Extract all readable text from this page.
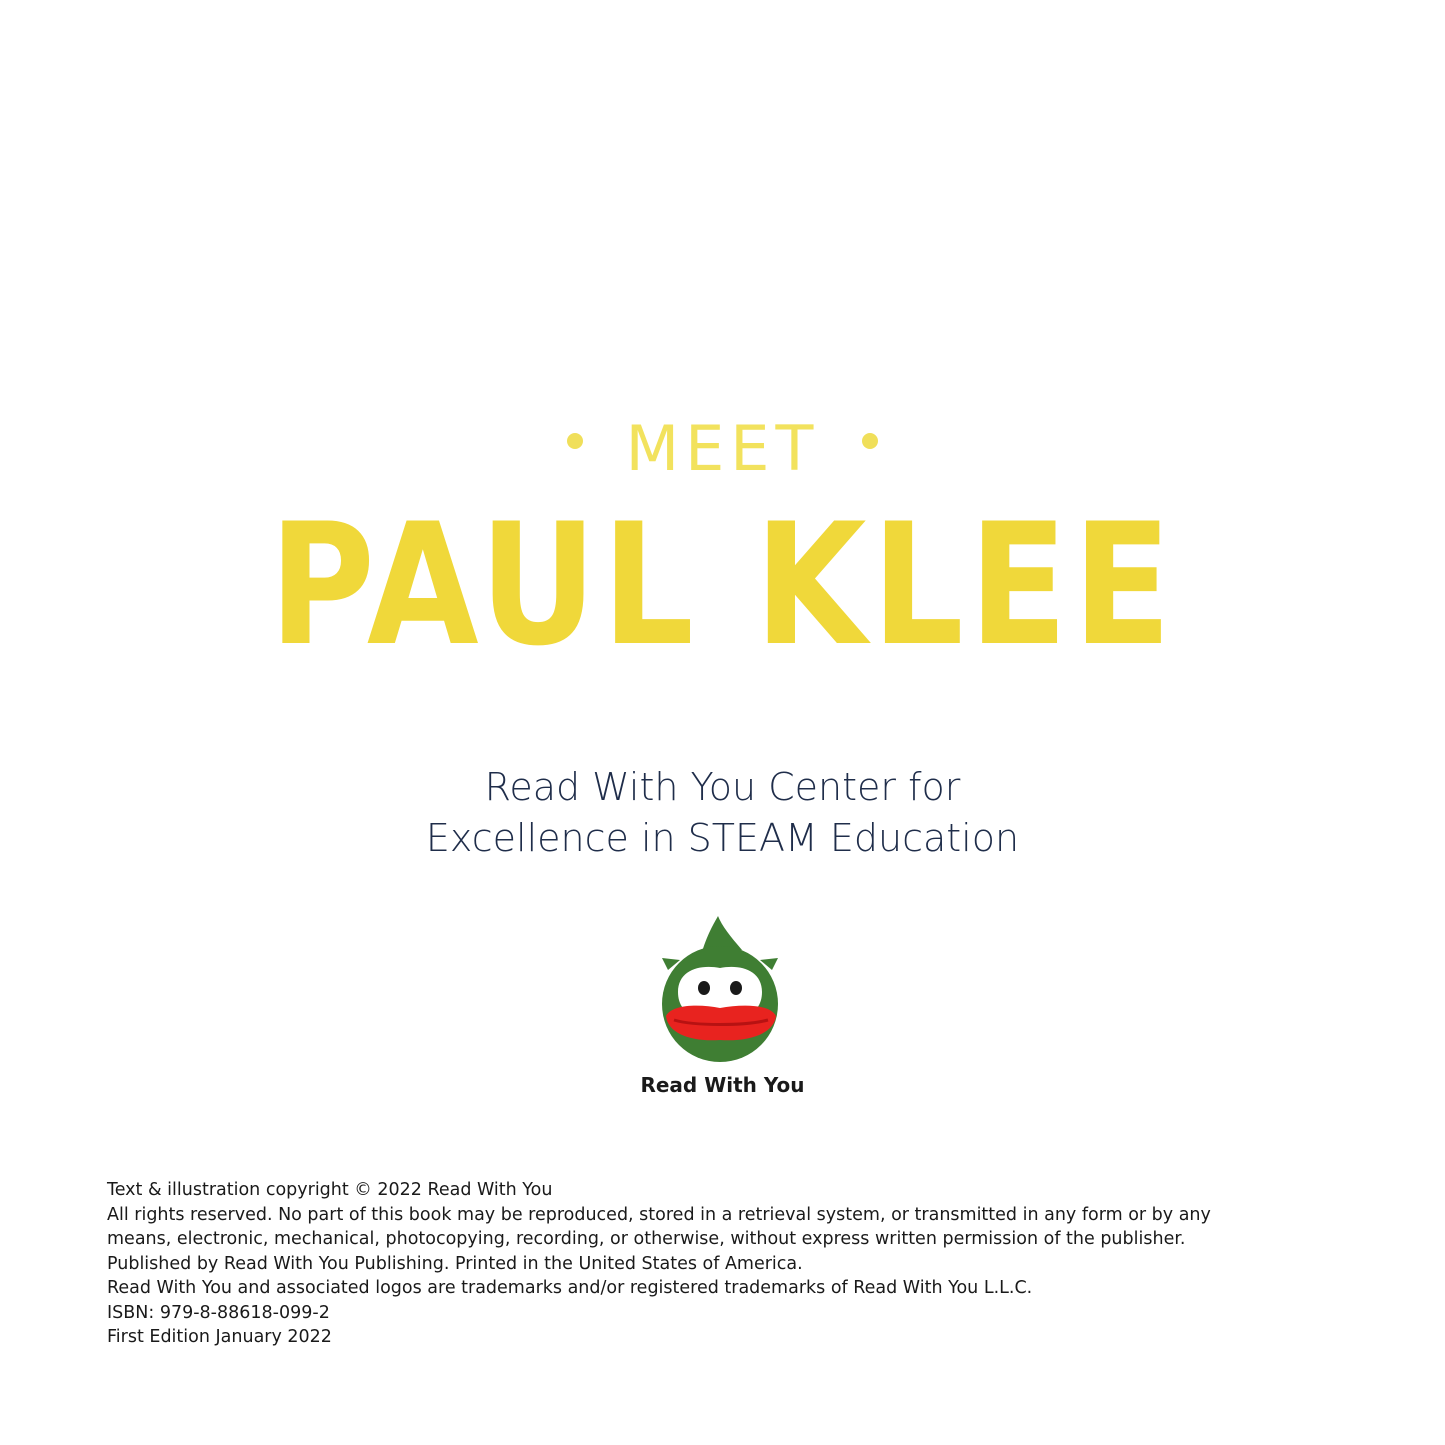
MEET
PAUL KLEE
Read With You Center for
Excellence in STEAM Education
Read With You
Text & illustration copyright © 2022 Read With You
All rights reserved. No part of this book may be reproduced, stored in a retrieval system, or transmitted in any form or by any
means, electronic, mechanical, photocopying, recording, or otherwise, without express written permission of the publisher.
Published by Read With You Publishing. Printed in the United States of America.
Read With You and associated logos are trademarks and/or registered trademarks of Read With You L.L.C.
ISBN: 979-8-88618-099-2
First Edition January 2022
